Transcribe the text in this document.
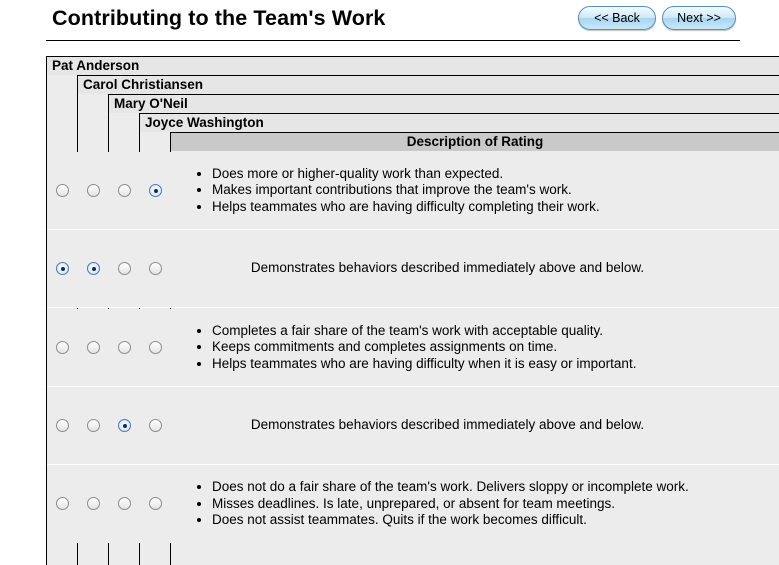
Contributing to the Team's Work	<< Back	Next >>
Pat Anderson
Carol Christiansen
Mary O'Neil
Joyce Washington
Description of Rating
• Does more or higher-quality work than expected.
• Makes important contributions that improve the team's work.
• Helps teammates who are having difficulty completing their work.
Demonstrates behaviors described immediately above and below.
• Completes a fair share of the team's work with acceptable quality.
• Keeps commitments and completes assignments on time.
• Helps teammates who are having difficulty when it is easy or important.
Demonstrates behaviors described immediately above and below.
• Does not do a fair share of the team's work. Delivers sloppy or incomplete work.
• Misses deadlines. Is late, unprepared, or absent for team meetings.
• Does not assist teammates. Quits if the work becomes difficult.
